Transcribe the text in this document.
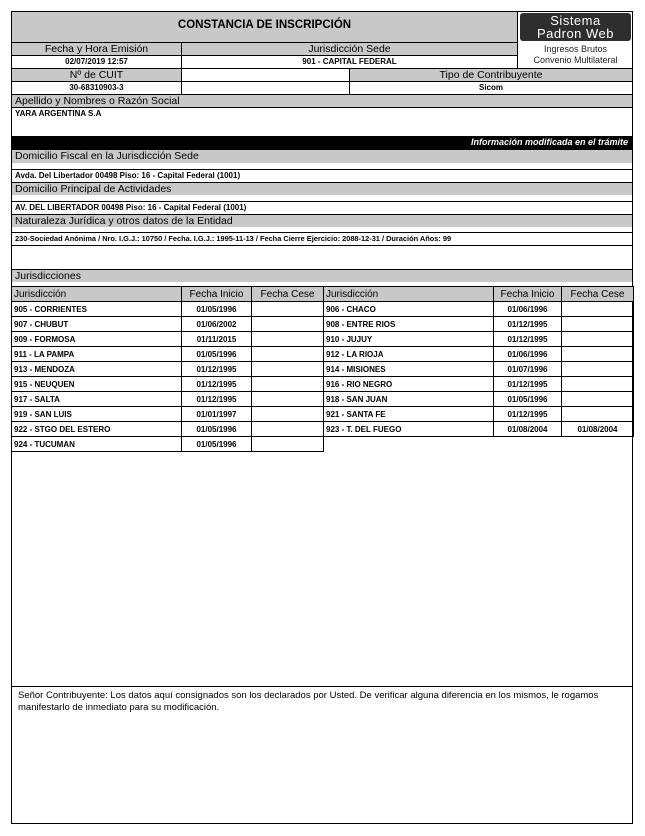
CONSTANCIA DE INSCRIPCIÓN	Sistema
Padron Web
Fecha y Hora Emisión	Jurisdicción Sede	Ingresos Brutos
02/07/2019 12:57	901 - CAPITAL FEDERAL	Convenio Multilateral
Nº de CUIT	Tipo de Contribuyente
30-68310903-3	Sicom
Apellido y Nombres o Razón Social
YARA ARGENTINA S.A
Información modificada en el trámite
Domicilio Fiscal en la Jurisdicción Sede
Avda. Del Libertador 00498 Piso: 16 - Capital Federal (1001)
Domicilio Principal de Actividades
AV. DEL LIBERTADOR 00498 Piso: 16 - Capital Federal (1001)
Naturaleza Jurídica y otros datos de la Entidad
230-Sociedad Anónima / Nro. I.G.J.: 10750 / Fecha. I.G.J.: 1995-11-13 / Fecha Cierre Ejercicio: 2088-12-31 / Duración Años: 99
Jurisdicciones
Jurisdicción	Fecha Inicio	Fecha Cese
905 - CORRIENTES	01/05/1996	
907 - CHUBUT	01/06/2002	
909 - FORMOSA	01/11/2015	
911 - LA PAMPA	01/05/1996	
913 - MENDOZA	01/12/1995	
915 - NEUQUEN	01/12/1995	
917 - SALTA	01/12/1995	
919 - SAN LUIS	01/01/1997	
922 - STGO DEL ESTERO	01/05/1996	
924 - TUCUMAN	01/05/1996	
Jurisdicción	Fecha Inicio	Fecha Cese
906 - CHACO	01/06/1996	
908 - ENTRE RIOS	01/12/1995	
910 - JUJUY	01/12/1995	
912 - LA RIOJA	01/06/1996	
914 - MISIONES	01/07/1996	
916 - RIO NEGRO	01/12/1995	
918 - SAN JUAN	01/05/1996	
921 - SANTA FE	01/12/1995	
923 - T. DEL FUEGO	01/08/2004	01/08/2004
Señor Contribuyente: Los datos aquí consignados son los declarados por Usted. De verificar alguna diferencia en los mismos, le rogamos manifestarlo de inmediato para su modificación.
